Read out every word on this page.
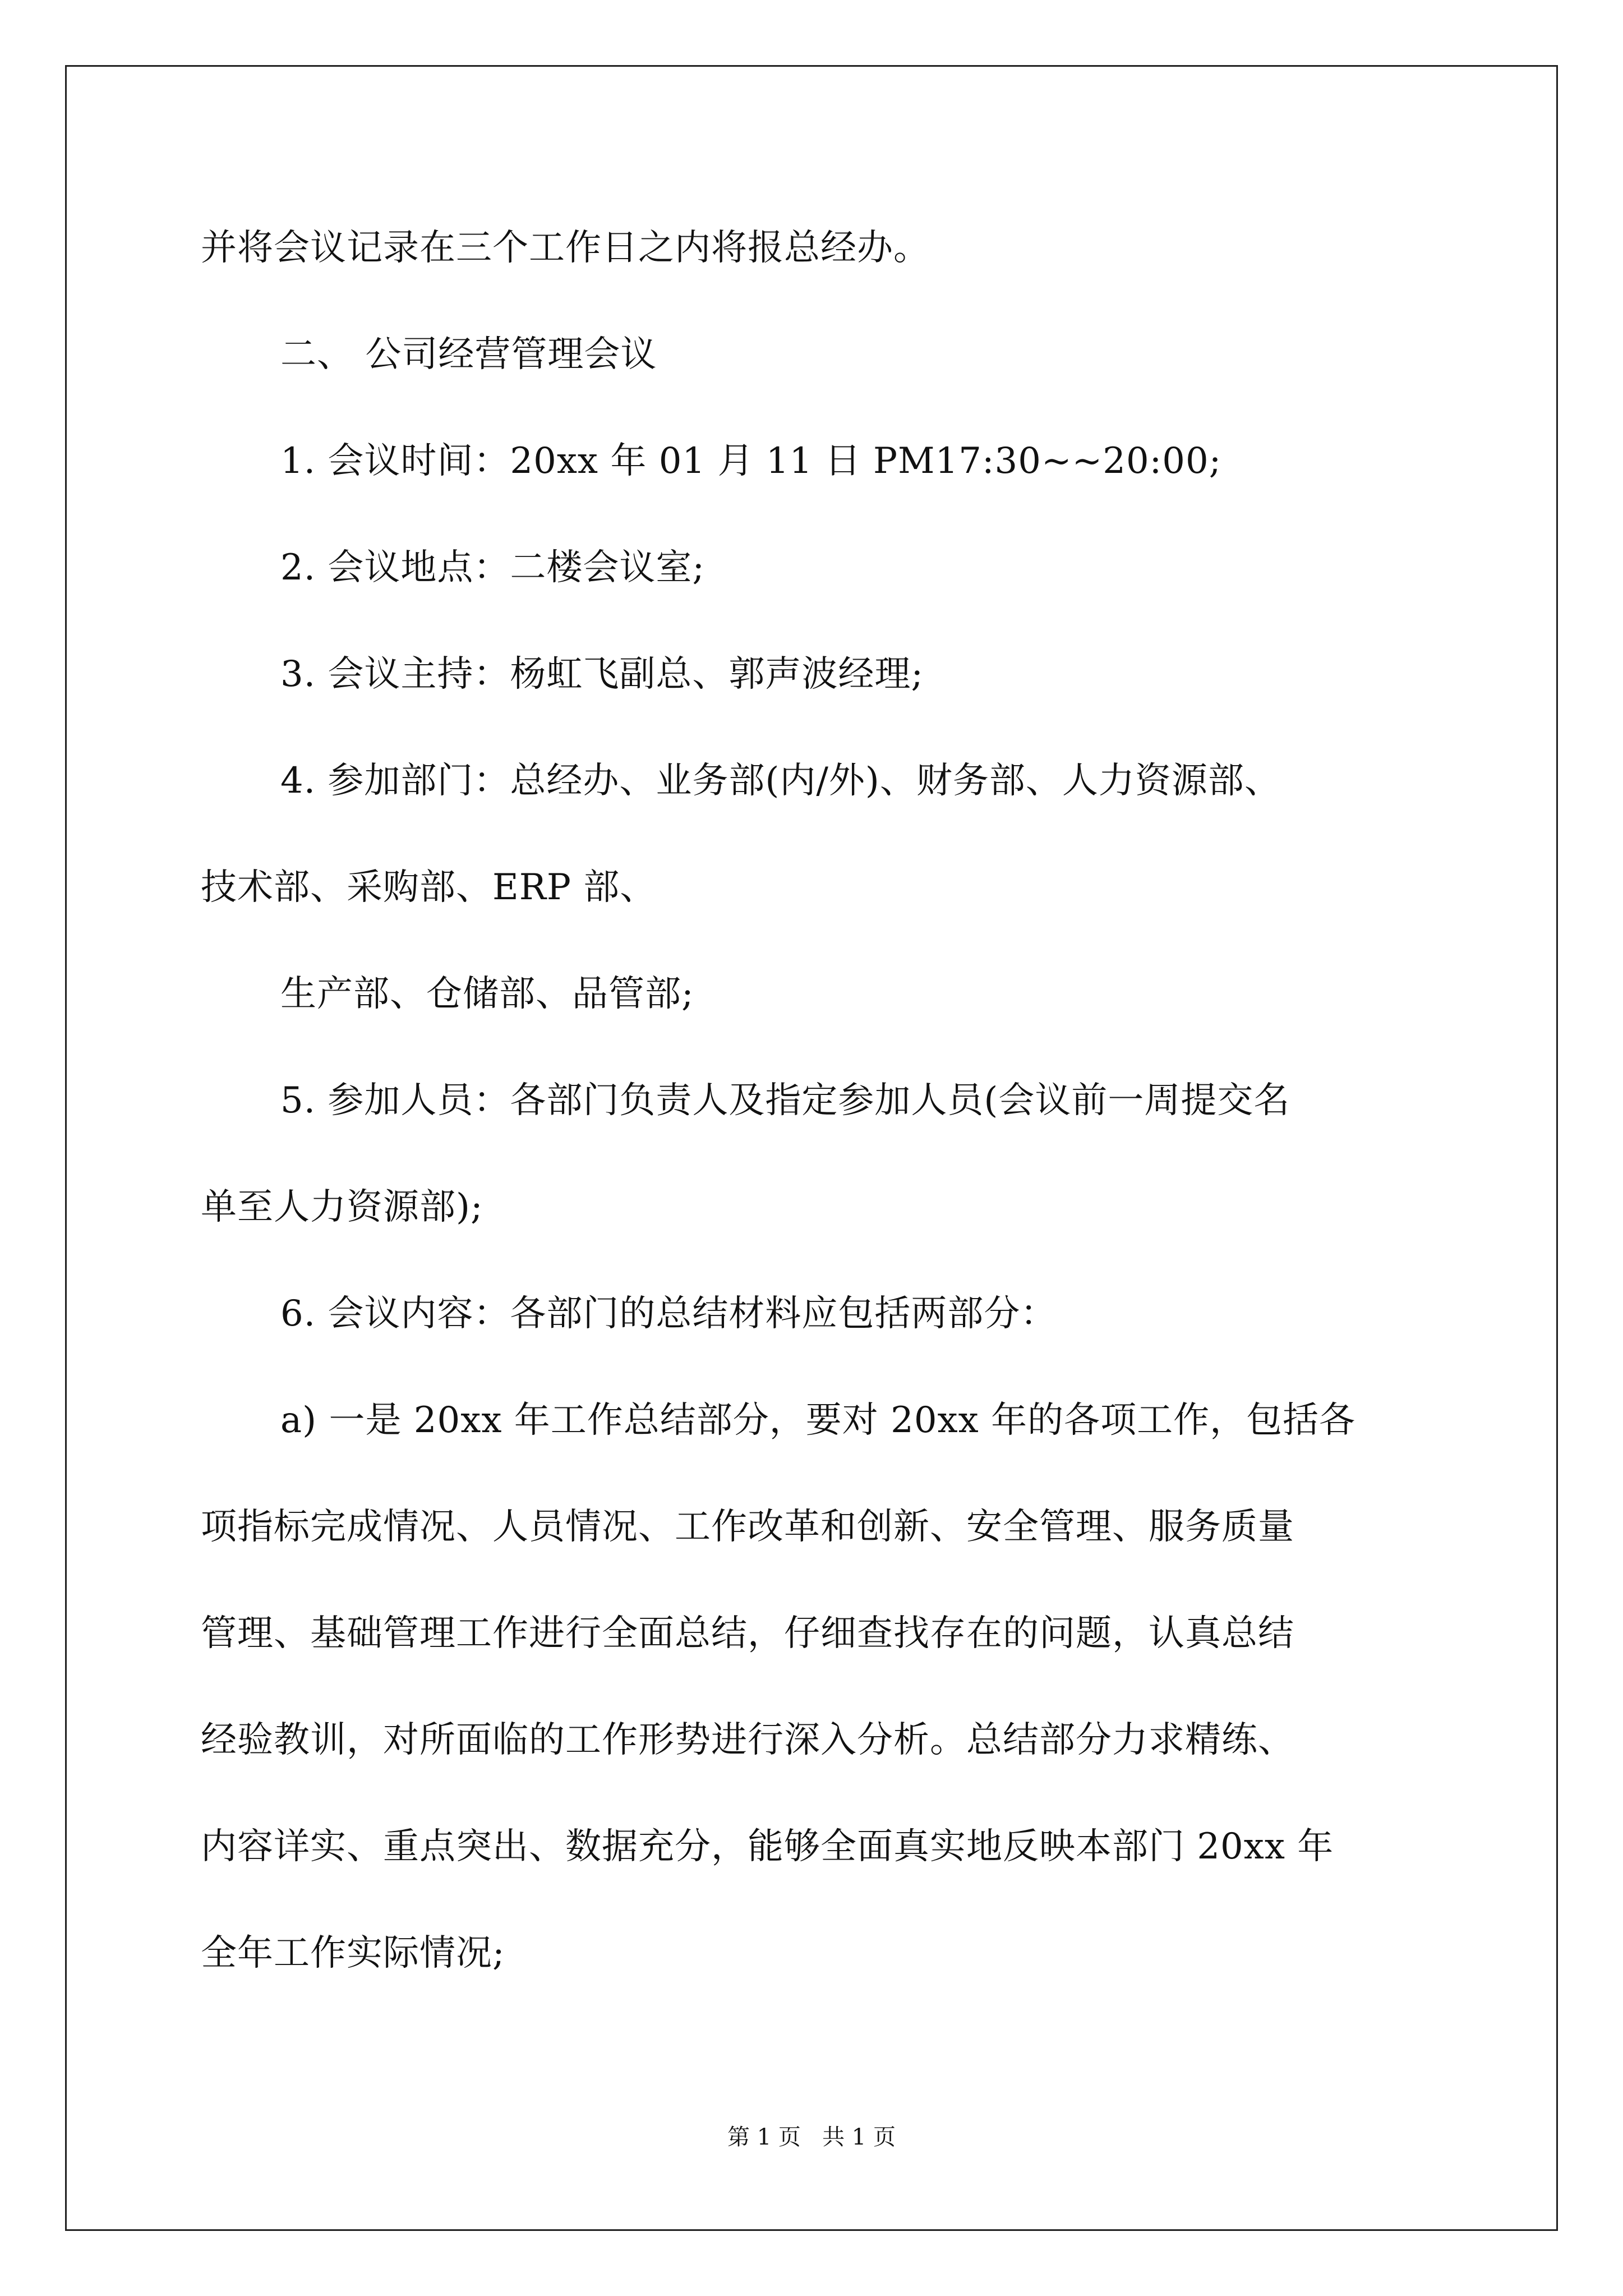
并将会议记录在三个工作日之内将报总经办。
二、 公司经营管理会议
1. 会议时间：20xx 年 01 月 11 日 PM17:30~~20:00;
2. 会议地点：二楼会议室;
3. 会议主持：杨虹飞副总、郭声波经理;
4. 参加部门：总经办、业务部(内/外)、财务部、人力资源部、
技术部、采购部、ERP 部、
生产部、仓储部、品管部;
5. 参加人员：各部门负责人及指定参加人员(会议前一周提交名
单至人力资源部);
6. 会议内容：各部门的总结材料应包括两部分：
a) 一是 20xx 年工作总结部分，要对 20xx 年的各项工作，包括各
项指标完成情况、人员情况、工作改革和创新、安全管理、服务质量
管理、基础管理工作进行全面总结，仔细查找存在的问题，认真总结
经验教训，对所面临的工作形势进行深入分析。总结部分力求精练、
内容详实、重点突出、数据充分，能够全面真实地反映本部门 20xx 年
全年工作实际情况;
第 1 页   共 1 页
